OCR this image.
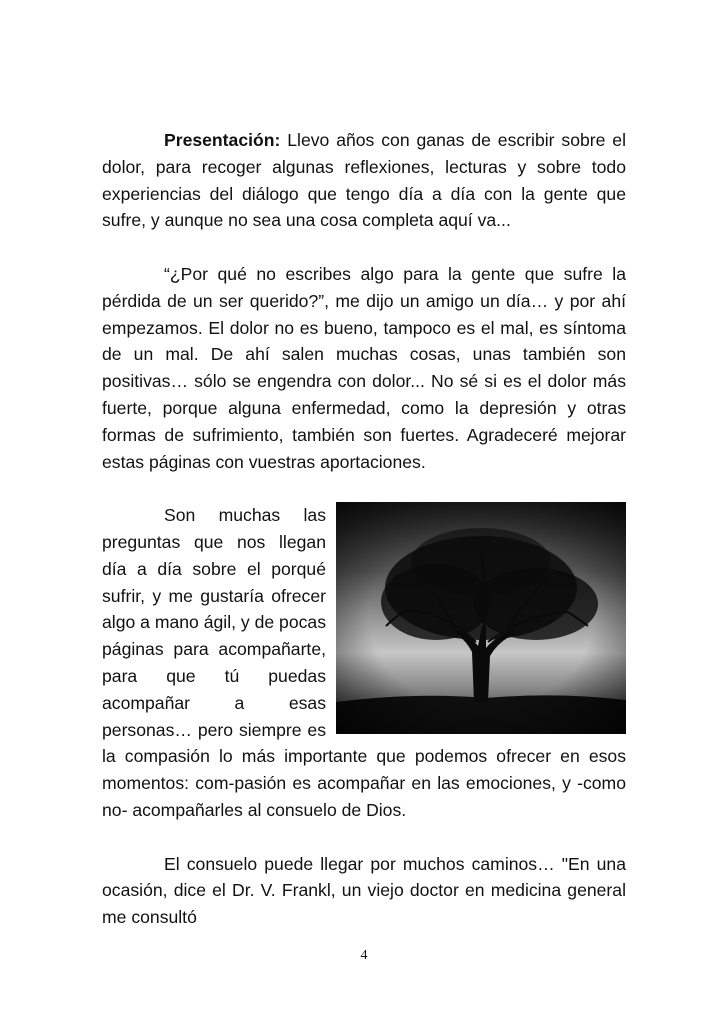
Presentación: Llevo años con ganas de escribir sobre el dolor, para recoger algunas reflexiones, lecturas y sobre todo experiencias del diálogo que tengo día a día con la gente que sufre, y aunque no sea una cosa completa aquí va...

“¿Por qué no escribes algo para la gente que sufre la pérdida de un ser querido?”, me dijo un amigo un día… y por ahí empezamos. El dolor no es bueno, tampoco es el mal, es síntoma de un mal. De ahí salen muchas cosas, unas también son positivas… sólo se engendra con dolor... No sé si es el dolor más fuerte, porque alguna enfermedad, como la depresión y otras formas de sufrimiento, también son fuertes. Agradeceré mejorar estas páginas con vuestras aportaciones.

Son muchas las preguntas que nos llegan día a día sobre el porqué sufrir, y me gustaría ofrecer algo a mano ágil, y de pocas páginas para acompañarte, para que tú puedas acompañar a esas personas… pero siempre es la compasión lo más importante que podemos ofrecer en esos momentos: com-pasión es acompañar en las emociones, y -como no- acompañarles al consuelo de Dios.

El consuelo puede llegar por muchos caminos… "En una ocasión, dice el Dr. V. Frankl, un viejo doctor en medicina general me consultó

4
